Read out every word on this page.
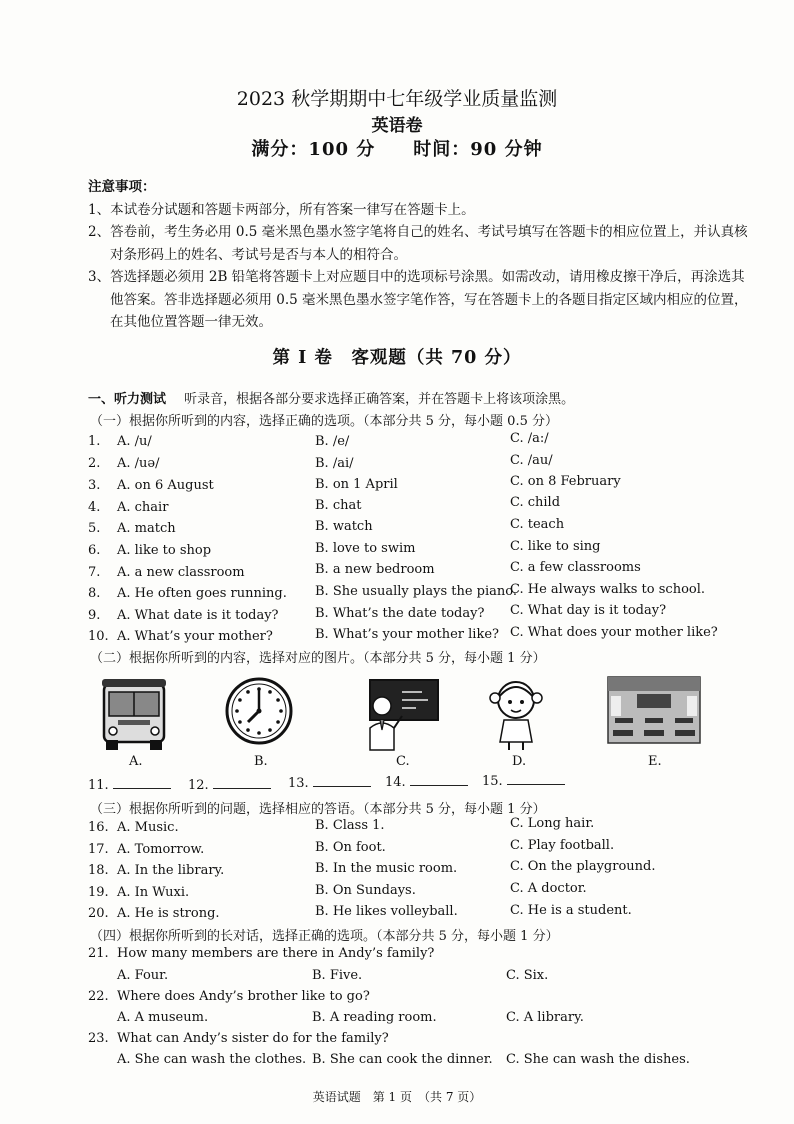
2023 秋学期期中七年级学业质量监测
英语卷
满分：100 分　　时间：90 分钟
注意事项：
1、本试卷分试题和答题卡两部分，所有答案一律写在答题卡上。
2、答卷前，考生务必用 0.5 毫米黑色墨水签字笔将自己的姓名、考试号填写在答题卡的相应位置上，并认真核对条形码上的姓名、考试号是否与本人的相符合。
3、答选择题必须用 2B 铅笔将答题卡上对应题目中的选项标号涂黑。如需改动，请用橡皮擦干净后，再涂选其他答案。答非选择题必须用 0.5 毫米黑色墨水签字笔作答，写在答题卡上的各题目指定区域内相应的位置，在其他位置答题一律无效。
第 I 卷　客观题（共 70 分）
一、听力测试 听录音，根据各部分要求选择正确答案，并在答题卡上将该项涂黑。
（一）根据你所听到的内容，选择正确的选项。（本部分共 5 分，每小题 0.5 分）
1. A. /u/	B. /e/	C. /a:/
2. A. /uə/	B. /ai/	C. /au/
3. A. on 6 August	B. on 1 April	C. on 8 February
4. A. chair	B. chat	C. child
5. A. match	B. watch	C. teach
6. A. like to shop	B. love to swim	C. like to sing
7. A. a new classroom	B. a new bedroom	C. a few classrooms
8. A. He often goes running. B. She usually plays the piano.
C. He always walks to school.
9. A. What date is it today?	B. What’s the date today? C. What day is it today?
10. A. What’s your mother?	B. What’s your mother like? C. What does your mother like?
（二）根据你所听到的内容，选择对应的图片。（本部分共 5 分，每小题 1 分）
A.	B.	C.	D.	E.
11.	12.	13.	14.	15.
（三）根据你所听到的问题，选择相应的答语。（本部分共 5 分，每小题 1 分）
16. A. Music.	B. Class 1.	C. Long hair.
17. A. Tomorrow.	B. On foot.	C. Play football.
18. A. In the library.	B. In the music room.	C. On the playground.
19. A. In Wuxi.	B. On Sundays.	C. A doctor.
20. A. He is strong.	B. He likes volleyball.	C. He is a student.
（四）根据你所听到的长对话，选择正确的选项。（本部分共 5 分，每小题 1 分）
21. How many members are there in Andy’s family?
A. Four.	B. Five.	C. Six.
22. Where does Andy’s brother like to go?
A. A museum.	B. A reading room.	C. A library.
23. What can Andy’s sister do for the family?
A. She can wash the clothes. B. She can cook the dinner. C. She can wash the dishes.
英语试题　第 1 页　（共 7 页）
